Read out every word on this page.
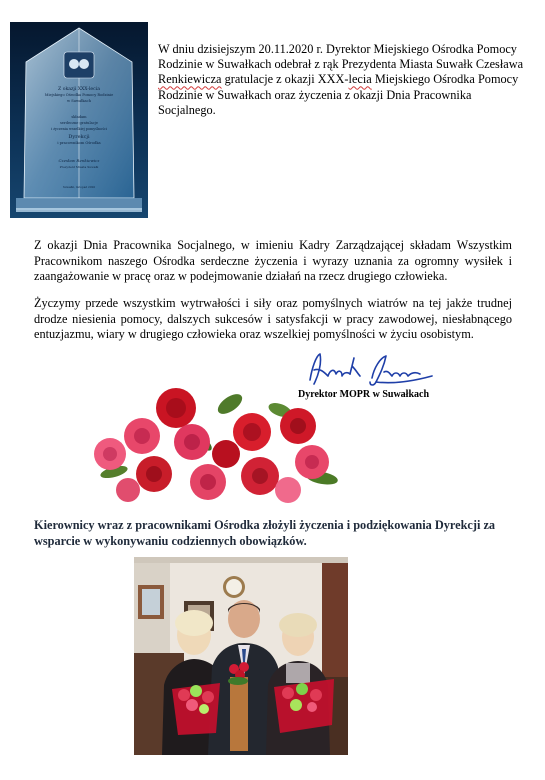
Z okazji XXX-lecia
Miejskiego Ośrodka Pomocy Rodzinie
w Suwałkach
składam
serdeczne gratulacje
i życzenia wszelkiej pomyślności
Dyrekcji
i pracownikom Ośrodka
Czesław Renkiewicz
Prezydent Miasta Suwałk
Suwałki, listopad 2020
W dniu dzisiejszym 20.11.2020 r. Dyrektor Miejskiego Ośrodka Pomocy Rodzinie w Suwałkach odebrał z rąk Prezydenta Miasta Suwałk Czesława Renkiewicza gratulacje z okazji XXX-lecia Miejskiego Ośrodka Pomocy Rodzinie w Suwałkach oraz życzenia z okazji Dnia Pracownika Socjalnego.

Z okazji Dnia Pracownika Socjalnego, w imieniu Kadry Zarządzającej składam Wszystkim Pracownikom naszego Ośrodka serdeczne życzenia i wyrazy uznania za ogromny wysiłek i zaangażowanie w pracę oraz w podejmowanie działań na rzecz drugiego człowieka.

Życzymy przede wszystkim wytrwałości i siły oraz pomyślnych wiatrów na tej jakże trudnej drodze niesienia pomocy, dalszych sukcesów i satysfakcji w pracy zawodowej, niesłabnącego entuzjazmu, wiary w drugiego człowieka oraz wszelkiej pomyślności w życiu osobistym.

Dyrektor MOPR w Suwałkach

Kierownicy wraz z pracownikami Ośrodka złożyli życzenia i podziękowania Dyrekcji za wsparcie w wykonywaniu codziennych obowiązków.
